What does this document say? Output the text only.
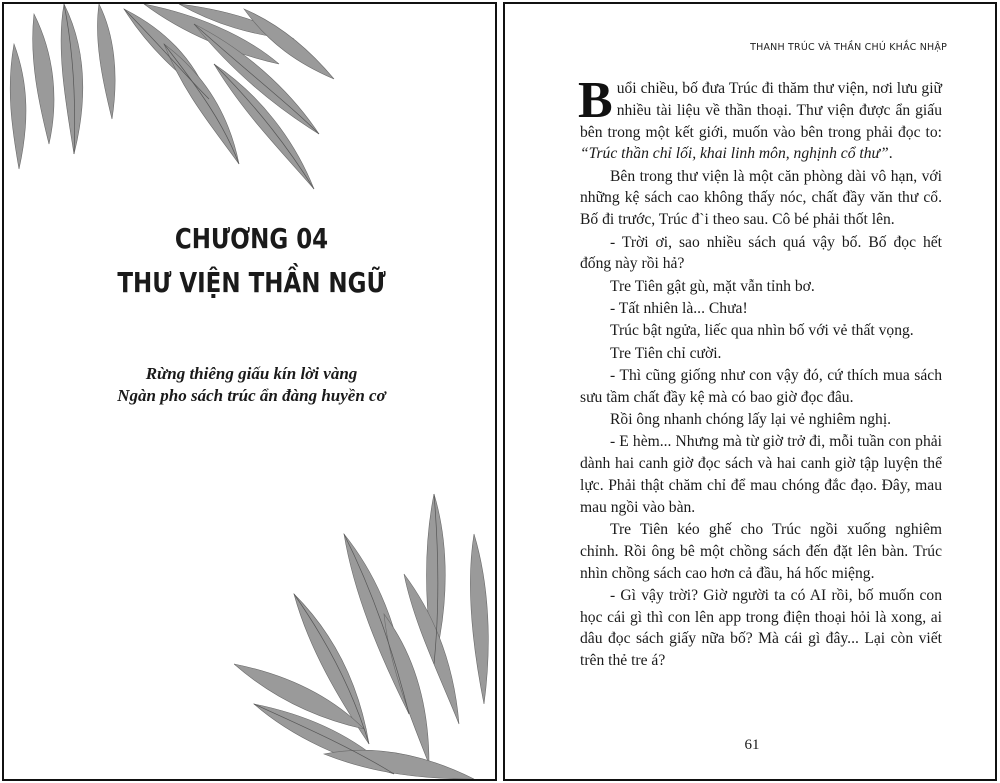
CHƯƠNG 04
THƯ VIỆN THẦN NGỮ
Rừng thiêng giấu kín lời vàng
Ngàn pho sách trúc ẩn đàng huyền cơ
THANH TRÚC VÀ THẦN CHÚ KHẮC NHẬP

Buổi chiều, bố đưa Trúc đi thăm thư viện, nơi lưu giữ nhiều tài liệu về thần thoại. Thư viện được ẩn giấu bên trong một kết giới, muốn vào bên trong phải đọc to: “Trúc thần chỉ lối, khai linh môn, nghịnh cổ thư”.

Bên trong thư viện là một căn phòng dài vô hạn, với những kệ sách cao không thấy nóc, chất đầy văn thư cổ. Bố đi trước, Trúc đ`i theo sau. Cô bé phải thốt lên.

- Trời ơi, sao nhiều sách quá vậy bố. Bố đọc hết đống này rồi hả?

Tre Tiên gật gù, mặt vẫn tỉnh bơ.

- Tất nhiên là... Chưa!

Trúc bật ngửa, liếc qua nhìn bố với vẻ thất vọng.

Tre Tiên chỉ cười.

- Thì cũng giống như con vậy đó, cứ thích mua sách sưu tầm chất đầy kệ mà có bao giờ đọc đâu.

Rồi ông nhanh chóng lấy lại vẻ nghiêm nghị.

- E hèm... Nhưng mà từ giờ trở đi, mỗi tuần con phải dành hai canh giờ đọc sách và hai canh giờ tập luyện thể lực. Phải thật chăm chỉ để mau chóng đắc đạo. Đây, mau mau ngồi vào bàn.

Tre Tiên kéo ghế cho Trúc ngồi xuống nghiêm chỉnh. Rồi ông bê một chồng sách đến đặt lên bàn. Trúc nhìn chồng sách cao hơn cả đầu, há hốc miệng.

- Gì vậy trời? Giờ người ta có AI rồi, bố muốn con học cái gì thì con lên app trong điện thoại hỏi là xong, ai dâu đọc sách giấy nữa bố? Mà cái gì đây... Lại còn viết trên thẻ tre á?

61
